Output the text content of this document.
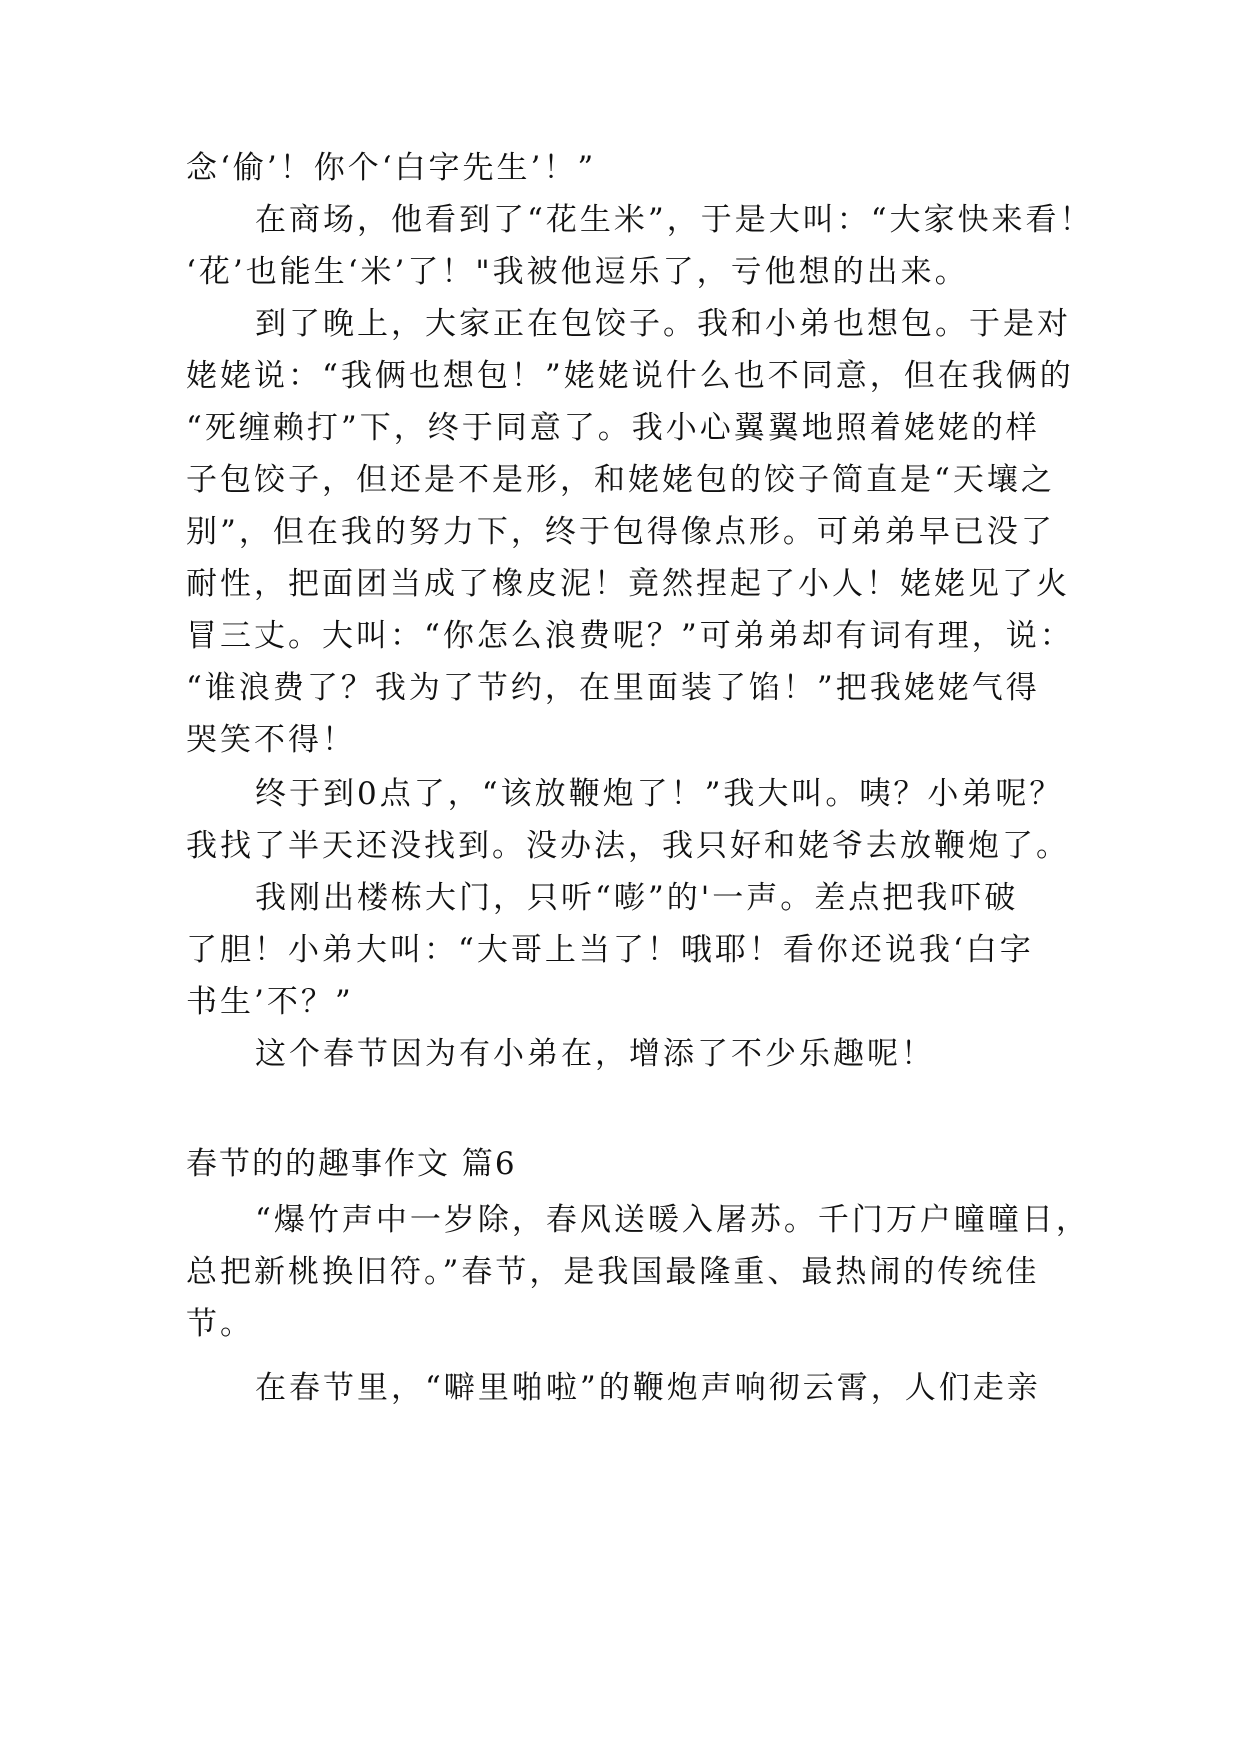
念‘偷’！你个‘白字先生’！”
在商场，他看到了“花生米”，于是大叫：“大家快来看！
‘花’也能生‘米’了！"我被他逗乐了，亏他想的出来。
到了晚上，大家正在包饺子。我和小弟也想包。于是对
姥姥说：“我俩也想包！”姥姥说什么也不同意，但在我俩的
“死缠赖打”下，终于同意了。我小心翼翼地照着姥姥的样
子包饺子，但还是不是形，和姥姥包的饺子简直是“天壤之
别”，但在我的努力下，终于包得像点形。可弟弟早已没了
耐性，把面团当成了橡皮泥！竟然捏起了小人！姥姥见了火
冒三丈。大叫：“你怎么浪费呢？”可弟弟却有词有理，说：
“谁浪费了？我为了节约，在里面装了馅！”把我姥姥气得
哭笑不得！
终于到0点了，“该放鞭炮了！”我大叫。咦？小弟呢？
我找了半天还没找到。没办法，我只好和姥爷去放鞭炮了。
我刚出楼栋大门，只听“嘭”的'一声。差点把我吓破
了胆！小弟大叫：“大哥上当了！哦耶！看你还说我‘白字
书生’不？”
这个春节因为有小弟在，增添了不少乐趣呢！
春节的的趣事作文 篇6
“爆竹声中一岁除，春风送暖入屠苏。千门万户曈曈日，
总把新桃换旧符。”春节，是我国最隆重、最热闹的传统佳
节。
在春节里，“噼里啪啦”的鞭炮声响彻云霄，人们走亲
